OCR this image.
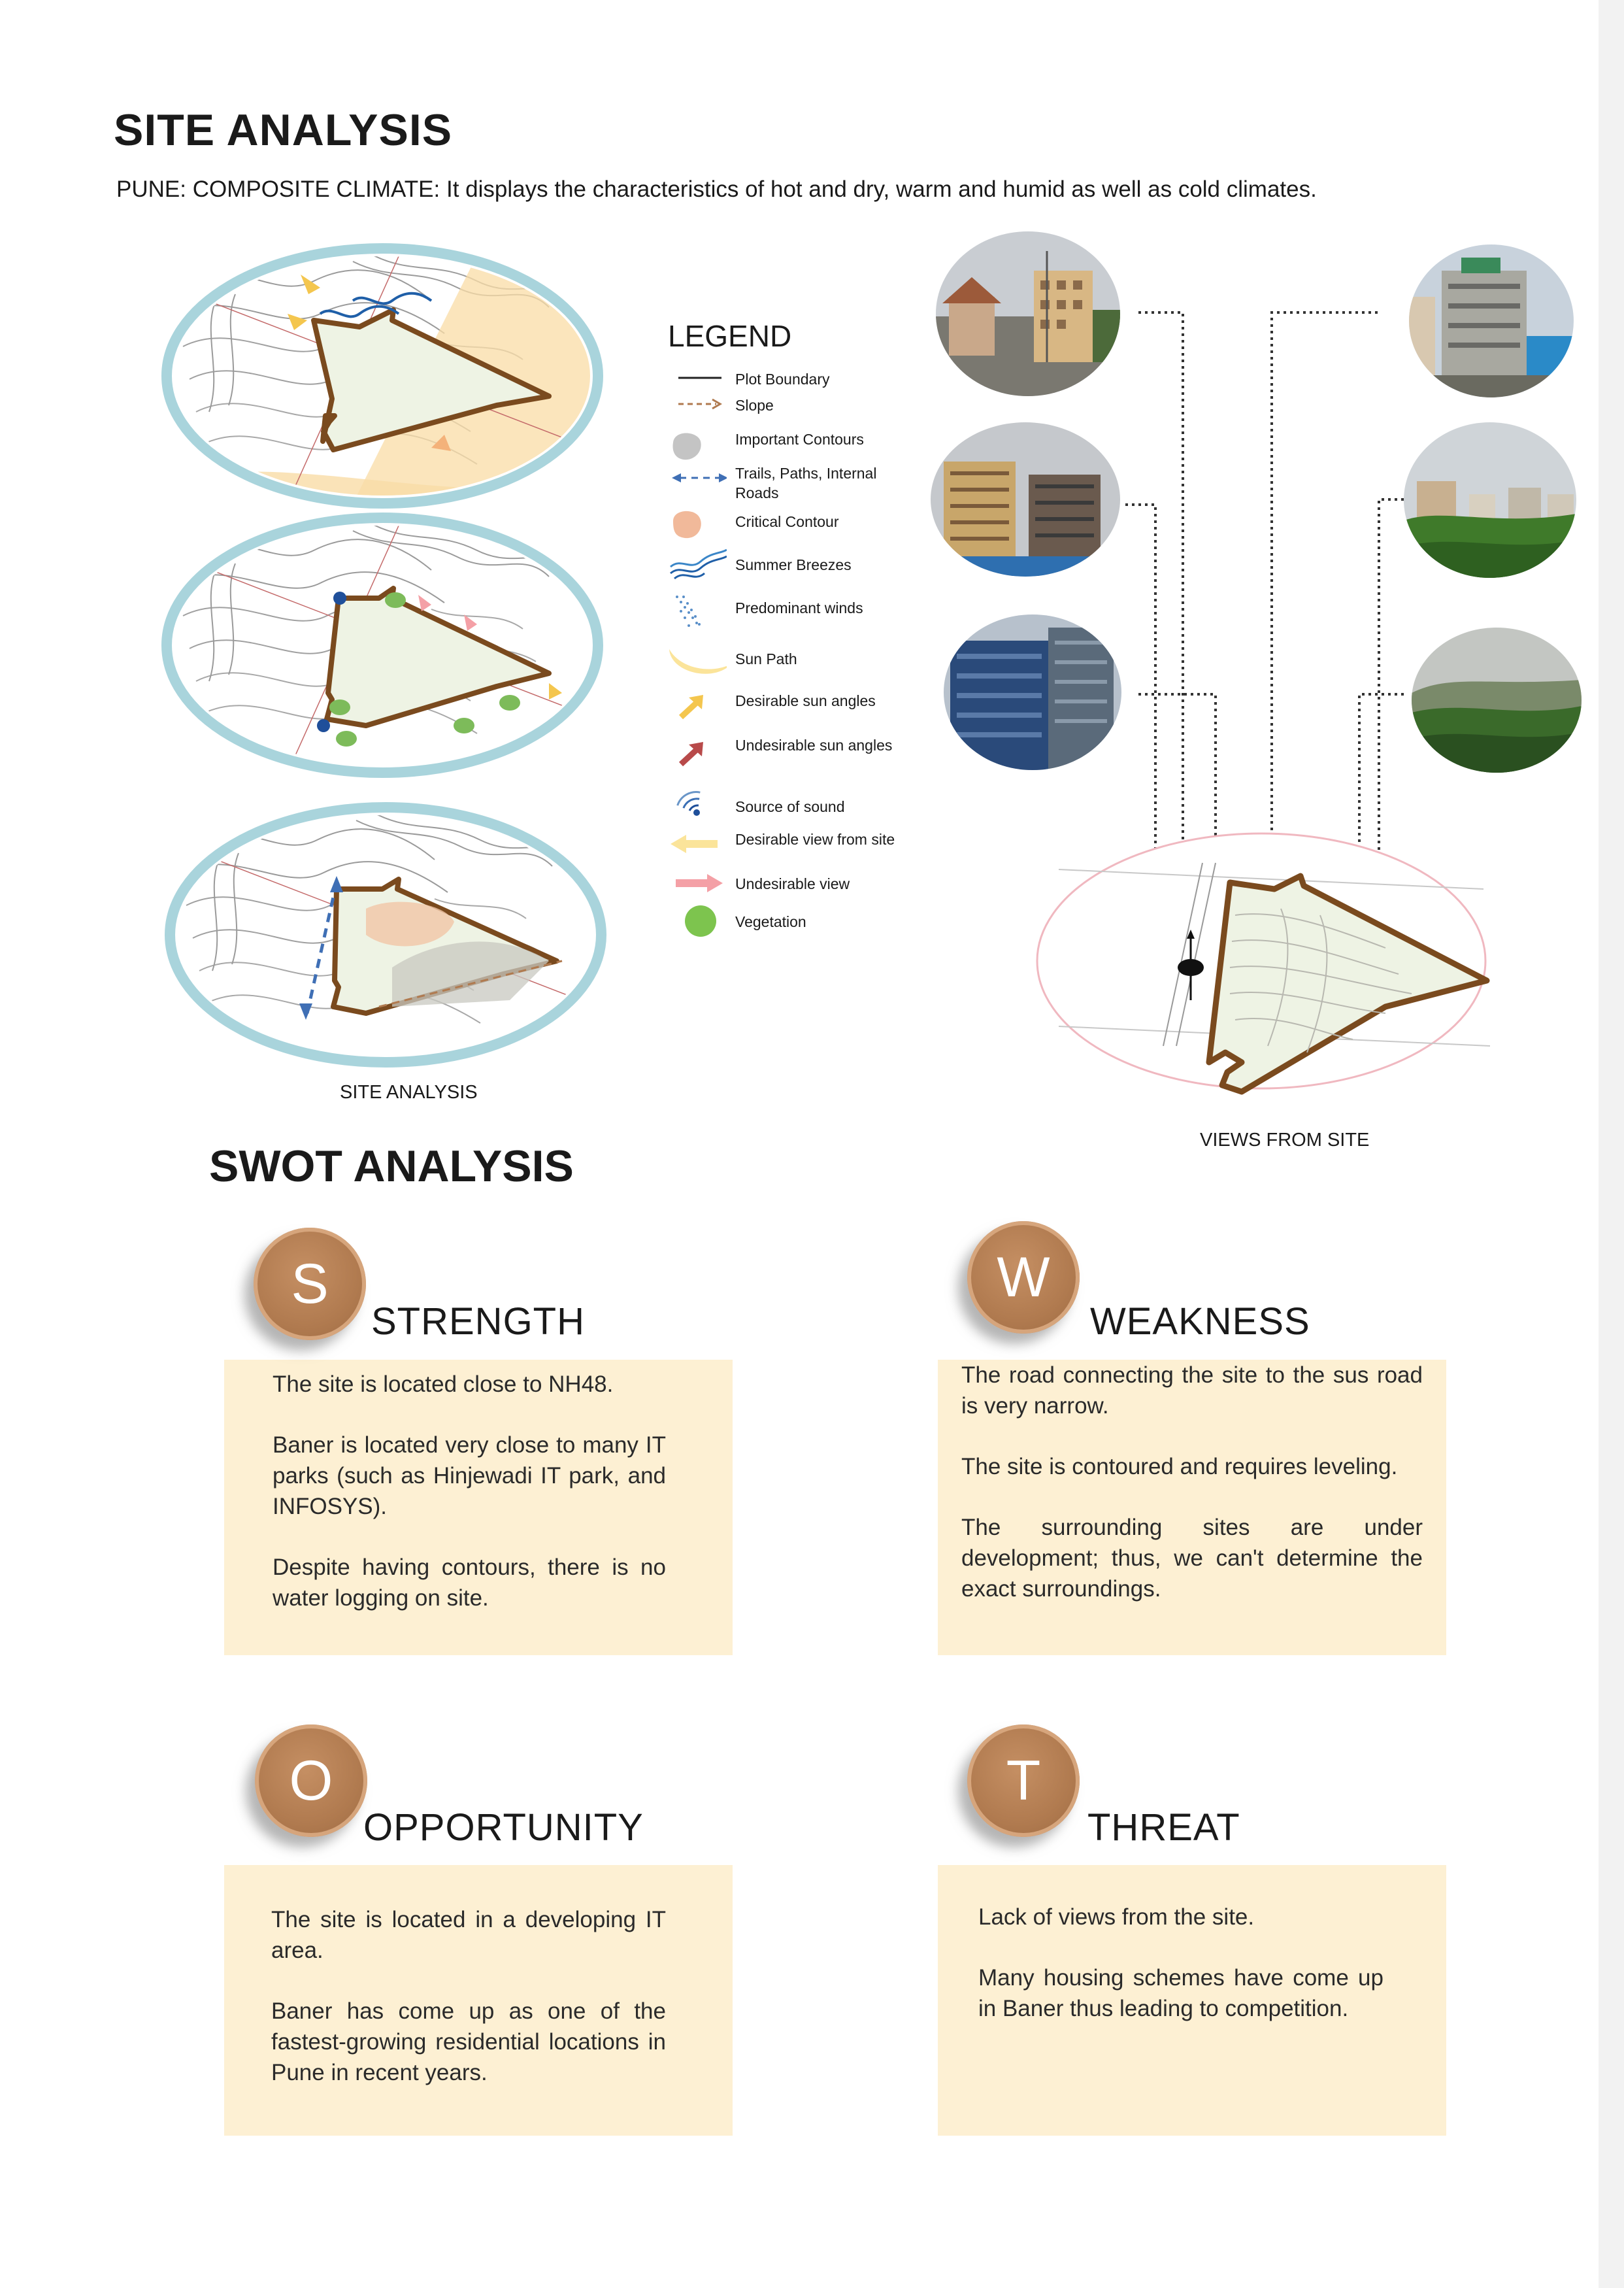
SITE ANALYSIS

PUNE: COMPOSITE CLIMATE: It displays the characteristics of hot and dry, warm and humid as well as cold climates.

SITE ANALYSIS
LEGEND
Plot Boundary
Slope
Important Contours
Trails, Paths, Internal Roads
Critical Contour
Summer Breezes
Predominant winds
Sun Path
Desirable sun angles
Undesirable sun angles
Source of sound
Desirable view from site
Undesirable view
Vegetation
VIEWS FROM SITE
SWOT ANALYSIS

The site is located close to NH48.

Baner is located very close to many IT parks (such as Hinjewadi IT park, and INFOSYS).

Despite having contours, there is no water logging on site.

S
STRENGTH

The road connecting the site to the sus road is very narrow.

The site is contoured and requires leveling.

The surrounding sites are under development; thus, we can't determine the exact surroundings.

W
WEAKNESS

The site is located in a developing IT area.

Baner has come up as one of the fastest-growing residential locations in Pune in recent years.

O
OPPORTUNITY

Lack of views from the site.

Many housing schemes have come up in Baner thus leading to competition.

T
THREAT
